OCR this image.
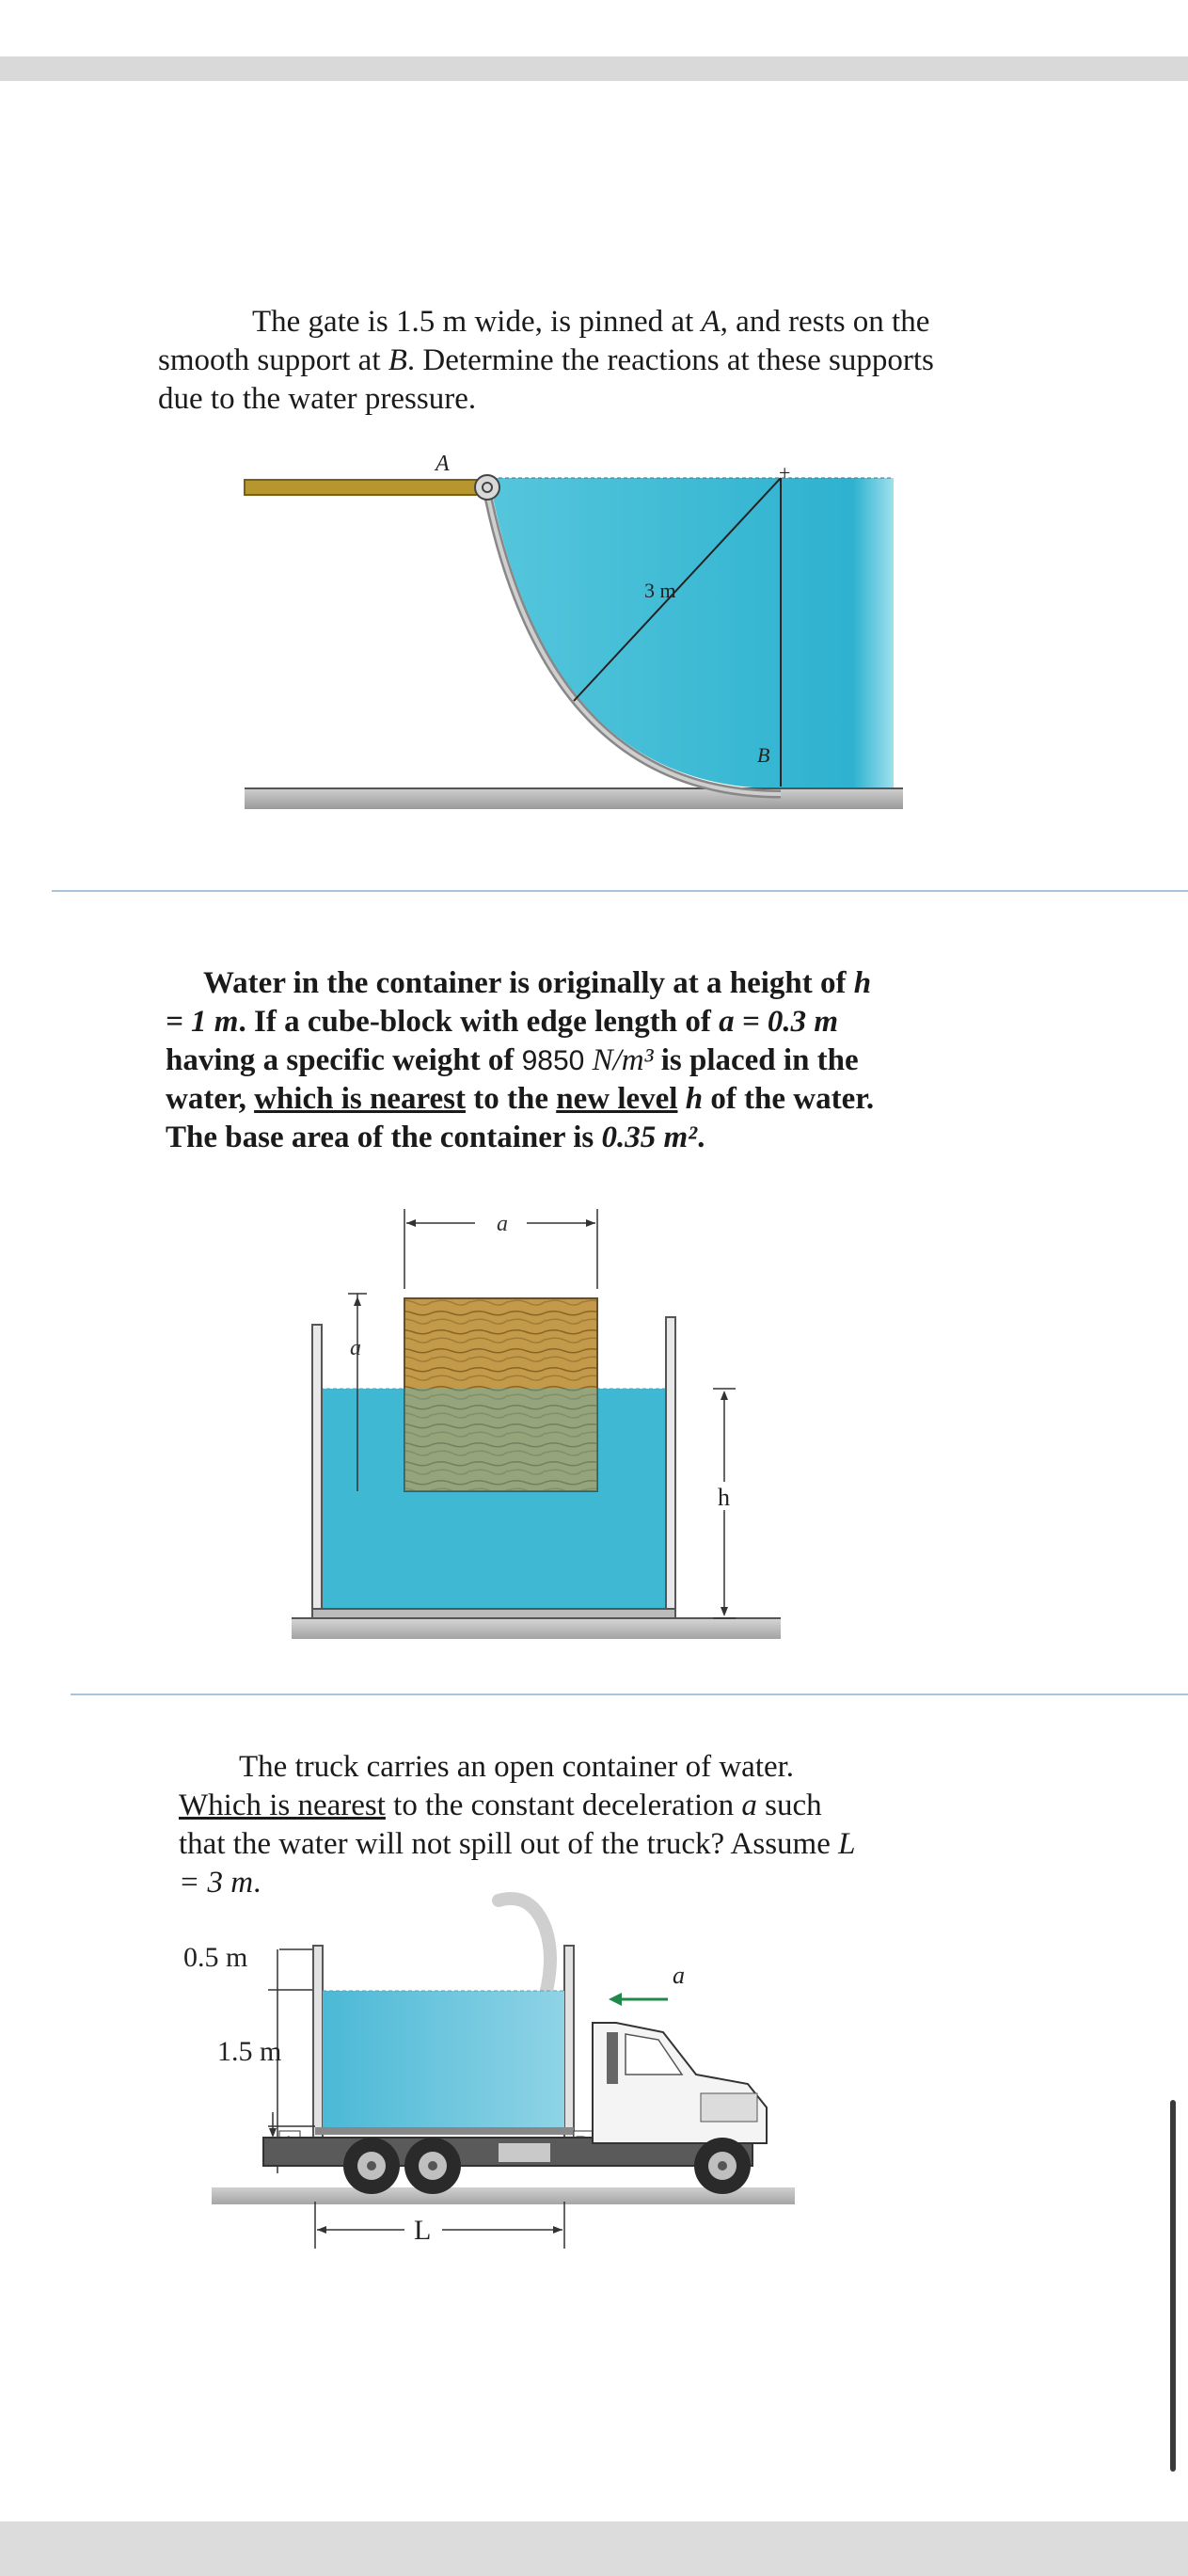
The gate is 1.5 m wide, is pinned at A, and rests on the smooth support at B. Determine the reactions at these supports due to the water pressure.

+
A
3 m
B

Water in the container is originally at a height of h = 1 m. If a cube-block with edge length of a = 0.3 m having a specific weight of 9850 N/m³ is placed in the water, which is nearest to the new level h of the water. The base area of the container is 0.35 m².

a
a
h

The truck carries an open container of water. Which is nearest to the constant deceleration a such that the water will not spill out of the truck? Assume L = 3 m.

0.5 m
1.5 m
a
L
